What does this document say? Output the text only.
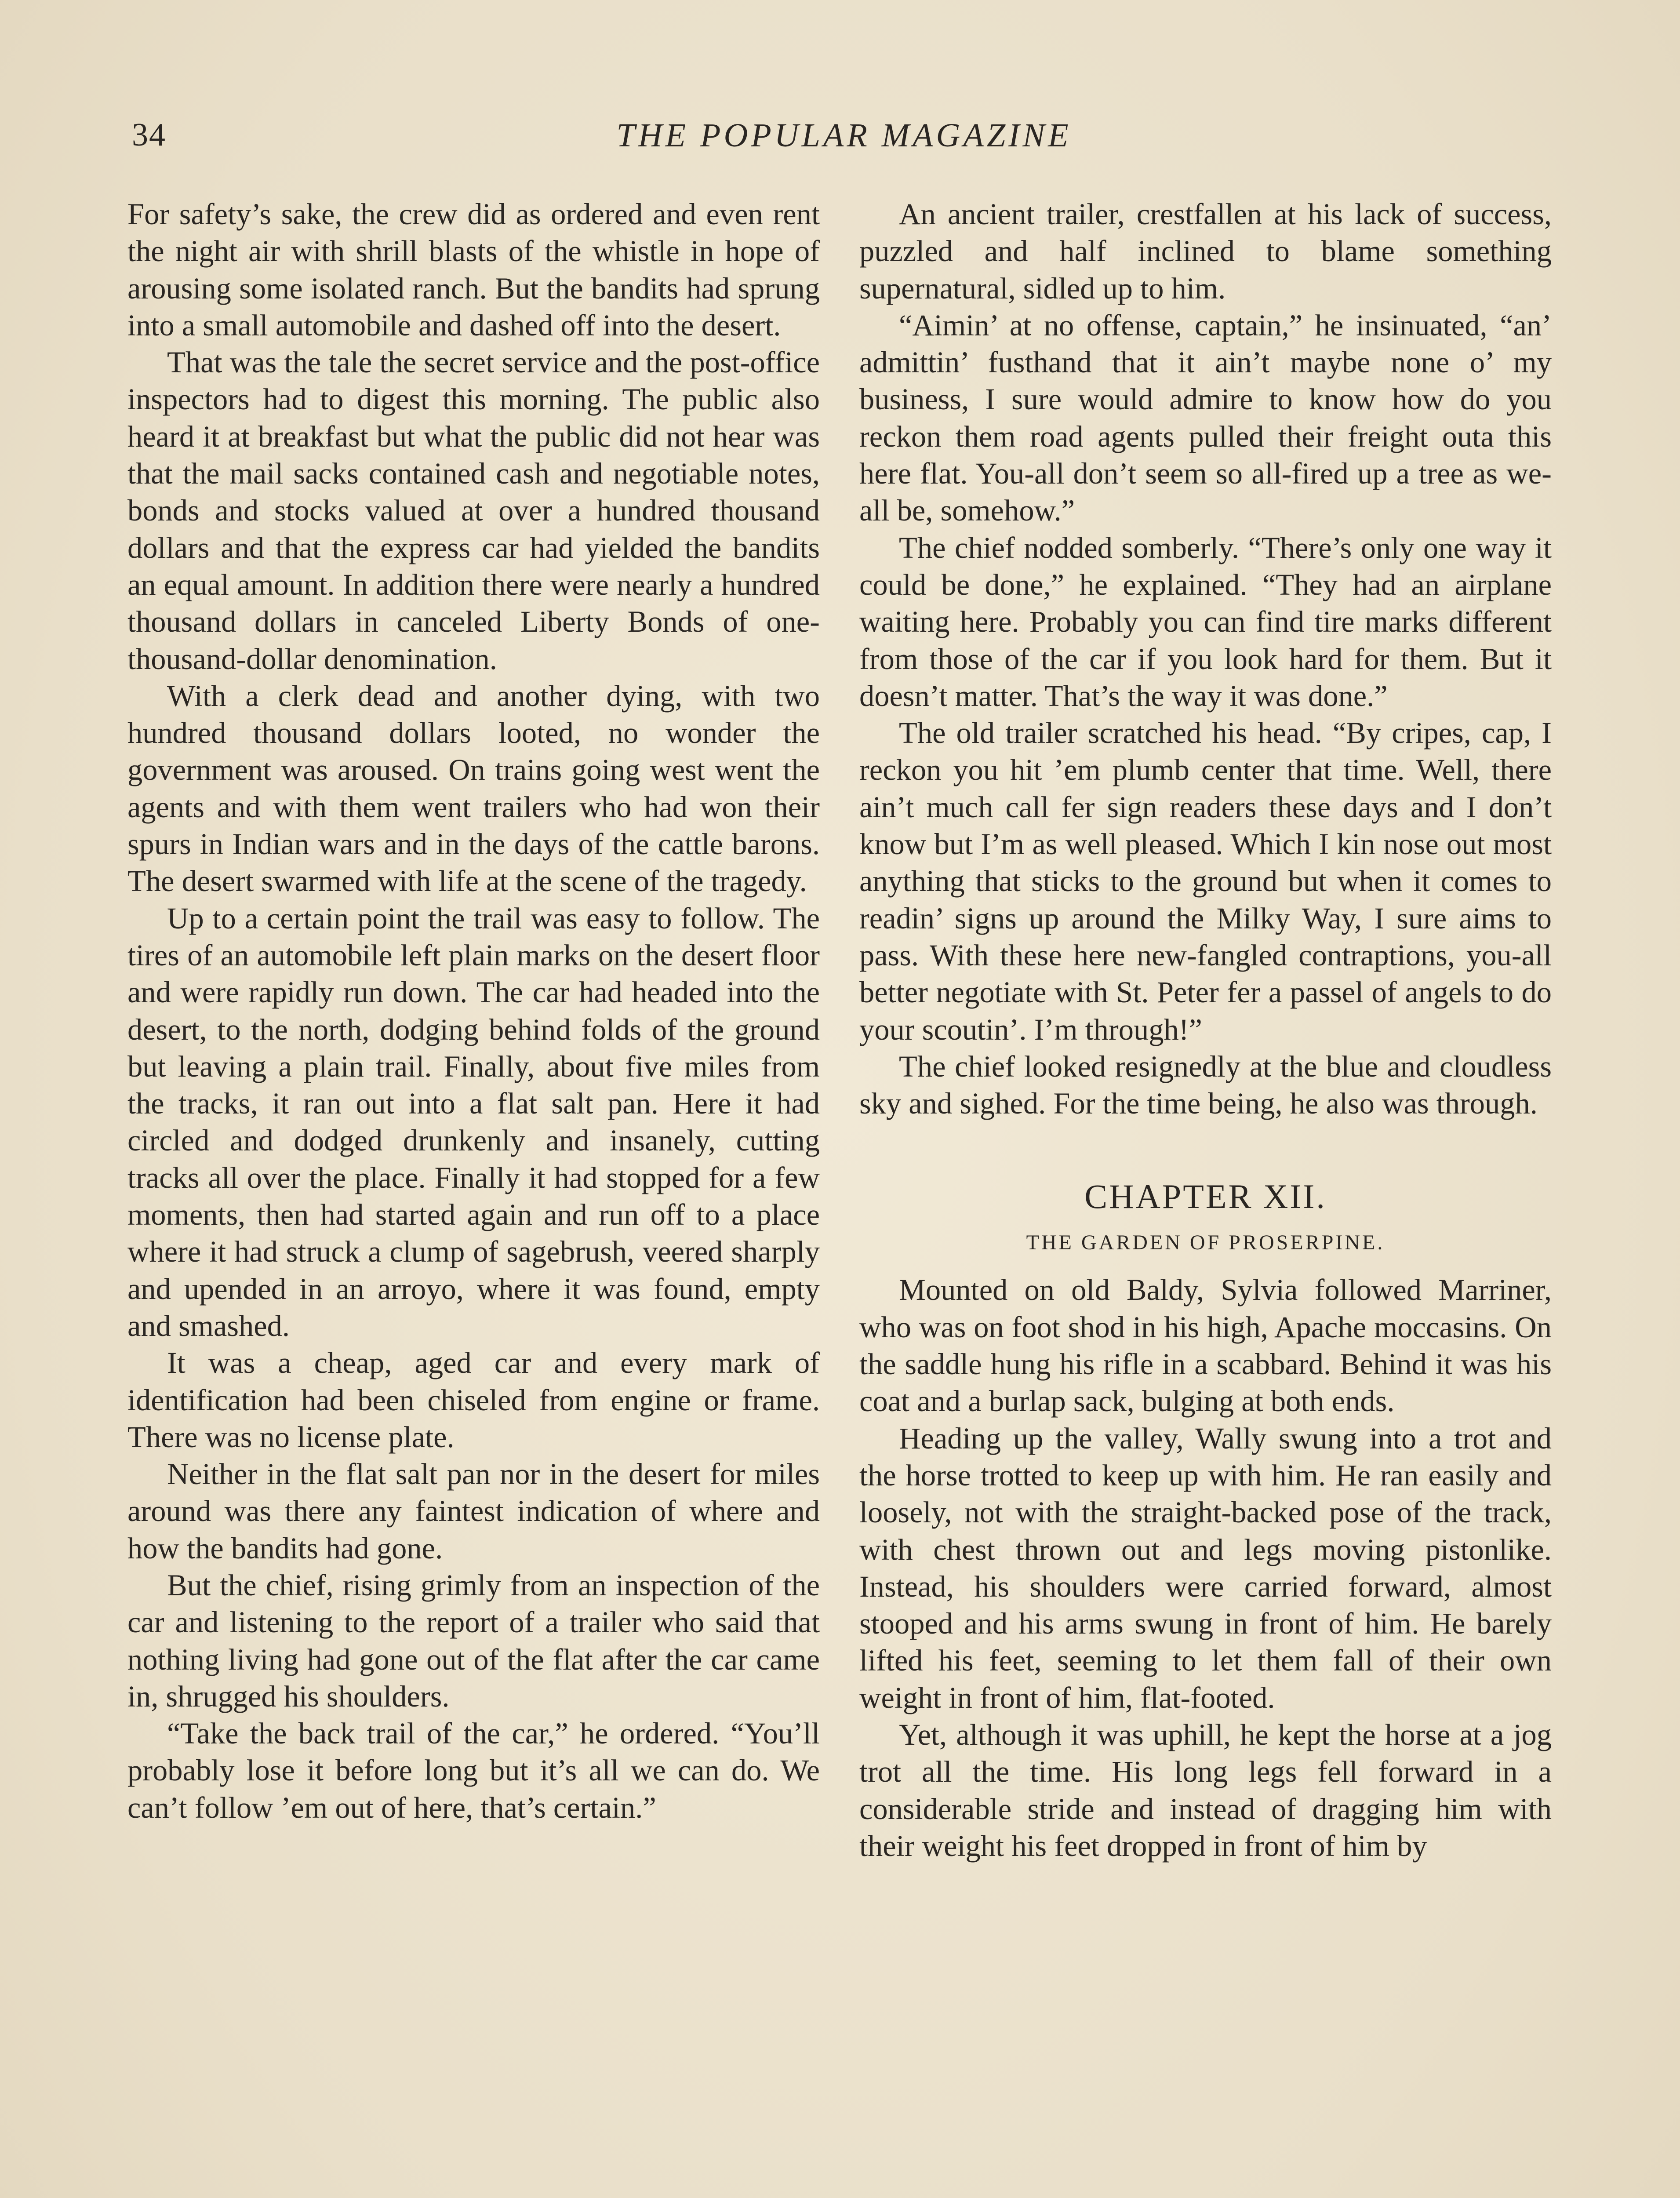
34	THE POPULAR MAGAZINE

For safety’s sake, the crew did as ordered and even rent the night air with shrill blasts of the whistle in hope of arousing some isolated ranch. But the bandits had sprung into a small automobile and dashed off into the desert.

That was the tale the secret service and the post-office inspectors had to digest this morning. The public also heard it at breakfast but what the public did not hear was that the mail sacks contained cash and negotiable notes, bonds and stocks valued at over a hundred thousand dollars and that the express car had yielded the bandits an equal amount. In addition there were nearly a hundred thousand dollars in canceled Liberty Bonds of one-thousand-dollar denomination.

With a clerk dead and another dying, with two hundred thousand dollars looted, no wonder the government was aroused. On trains going west went the agents and with them went trailers who had won their spurs in Indian wars and in the days of the cattle barons. The desert swarmed with life at the scene of the tragedy.

Up to a certain point the trail was easy to follow. The tires of an automobile left plain marks on the desert floor and were rapidly run down. The car had headed into the desert, to the north, dodging behind folds of the ground but leaving a plain trail. Finally, about five miles from the tracks, it ran out into a flat salt pan. Here it had circled and dodged drunkenly and insanely, cutting tracks all over the place. Finally it had stopped for a few moments, then had started again and run off to a place where it had struck a clump of sagebrush, veered sharply and upended in an arroyo, where it was found, empty and smashed.

It was a cheap, aged car and every mark of identification had been chiseled from engine or frame. There was no license plate.

Neither in the flat salt pan nor in the desert for miles around was there any faintest indication of where and how the bandits had gone.

But the chief, rising grimly from an inspection of the car and listening to the report of a trailer who said that nothing living had gone out of the flat after the car came in, shrugged his shoulders.

“Take the back trail of the car,” he ordered. “You’ll probably lose it before long but it’s all we can do. We can’t follow ’em out of here, that’s certain.”

An ancient trailer, crestfallen at his lack of success, puzzled and half inclined to blame something supernatural, sidled up to him.

“Aimin’ at no offense, captain,” he insinuated, “an’ admittin’ fusthand that it ain’t maybe none o’ my business, I sure would admire to know how do you reckon them road agents pulled their freight outa this here flat. You-all don’t seem so all-fired up a tree as we-all be, somehow.”

The chief nodded somberly. “There’s only one way it could be done,” he explained. “They had an airplane waiting here. Probably you can find tire marks different from those of the car if you look hard for them. But it doesn’t matter. That’s the way it was done.”

The old trailer scratched his head. “By cripes, cap, I reckon you hit ’em plumb center that time. Well, there ain’t much call fer sign readers these days and I don’t know but I’m as well pleased. Which I kin nose out most anything that sticks to the ground but when it comes to readin’ signs up around the Milky Way, I sure aims to pass. With these here new-fangled contraptions, you-all better negotiate with St. Peter fer a passel of angels to do your scoutin’. I’m through!”

The chief looked resignedly at the blue and cloudless sky and sighed. For the time being, he also was through.

CHAPTER XII.
THE GARDEN OF PROSERPINE.

Mounted on old Baldy, Sylvia followed Marriner, who was on foot shod in his high, Apache moccasins. On the saddle hung his rifle in a scabbard. Behind it was his coat and a burlap sack, bulging at both ends.

Heading up the valley, Wally swung into a trot and the horse trotted to keep up with him. He ran easily and loosely, not with the straight-backed pose of the track, with chest thrown out and legs moving pistonlike. Instead, his shoulders were carried forward, almost stooped and his arms swung in front of him. He barely lifted his feet, seeming to let them fall of their own weight in front of him, flat-footed.

Yet, although it was uphill, he kept the horse at a jog trot all the time. His long legs fell forward in a considerable stride and instead of dragging him with their weight his feet dropped in front of him by
